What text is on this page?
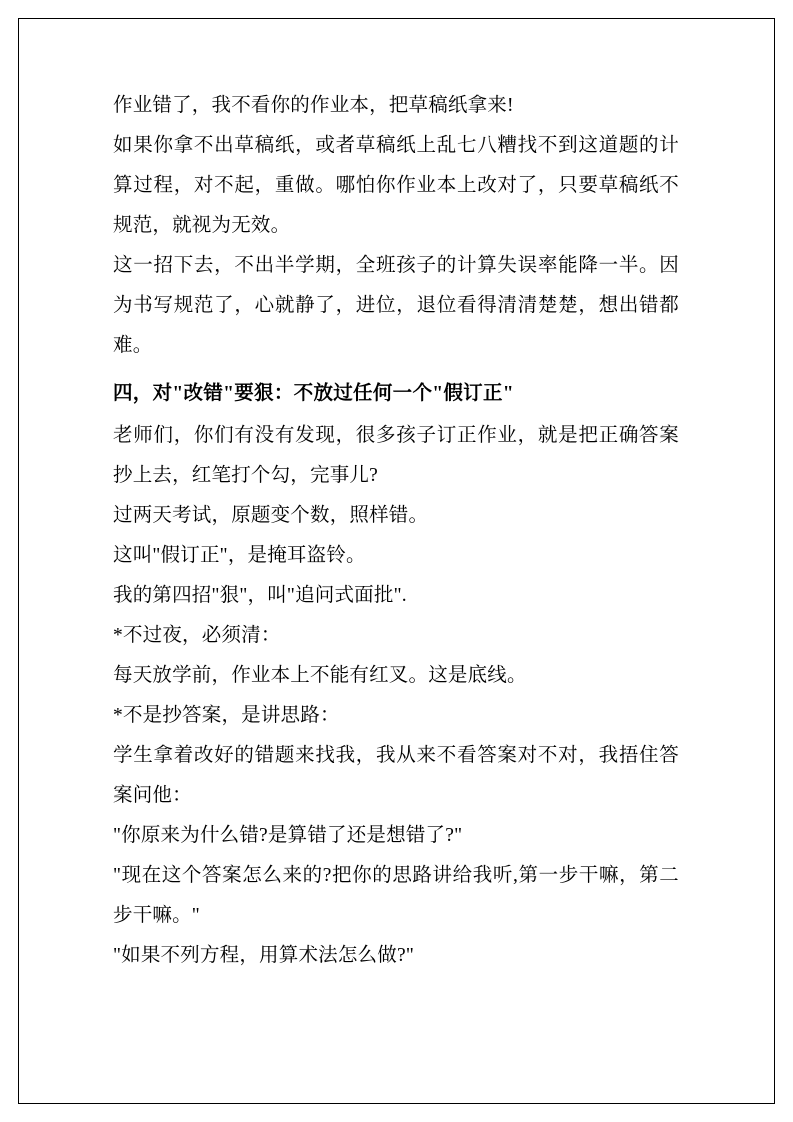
作业错了，我不看你的作业本，把草稿纸拿来!

如果你拿不出草稿纸，或者草稿纸上乱七八糟找不到这道题的计算过程，对不起，重做。哪怕你作业本上改对了，只要草稿纸不规范，就视为无效。

这一招下去，不出半学期，全班孩子的计算失误率能降一半。因为书写规范了，心就静了，进位，退位看得清清楚楚，想出错都难。

四，对"改错"要狠：不放过任何一个"假订正"

老师们，你们有没有发现，很多孩子订正作业，就是把正确答案抄上去，红笔打个勾，完事儿?

过两天考试，原题变个数，照样错。

这叫"假订正"，是掩耳盗铃。

我的第四招"狠"，叫"追问式面批".

*不过夜，必须清：

每天放学前，作业本上不能有红叉。这是底线。

*不是抄答案，是讲思路：

学生拿着改好的错题来找我，我从来不看答案对不对，我捂住答案问他：

"你原来为什么错?是算错了还是想错了?"

"现在这个答案怎么来的?把你的思路讲给我听,第一步干嘛，第二步干嘛。"

"如果不列方程，用算术法怎么做?"
